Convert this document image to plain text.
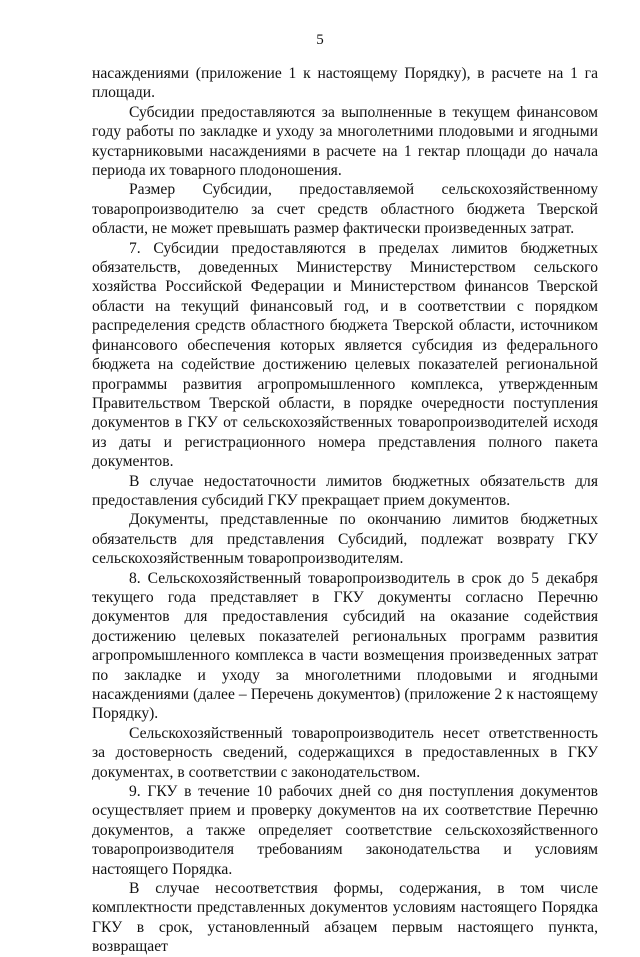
5

насаждениями (приложение 1 к настоящему Порядку), в расчете на 1 га площади.

Субсидии предоставляются за выполненные в текущем финансовом году работы по закладке и уходу за многолетними плодовыми и ягодными кустарниковыми насаждениями в расчете на 1 гектар площади до начала периода их товарного плодоношения.

Размер Субсидии, предоставляемой сельскохозяйственному товаропроизводителю за счет средств областного бюджета Тверской области, не может превышать размер фактически произведенных затрат.

7. Субсидии предоставляются в пределах лимитов бюджетных обязательств, доведенных Министерству Министерством сельского хозяйства Российской Федерации и Министерством финансов Тверской области на текущий финансовый год, и в соответствии с порядком распределения средств областного бюджета Тверской области, источником финансового обеспечения которых является субсидия из федерального бюджета на содействие достижению целевых показателей региональной программы развития агропромышленного комплекса, утвержденным Правительством Тверской области, в порядке очередности поступления документов в ГКУ от сельскохозяйственных товаропроизводителей исходя из даты и регистрационного номера представления полного пакета документов.

В случае недостаточности лимитов бюджетных обязательств для предоставления субсидий ГКУ прекращает прием документов.

Документы, представленные по окончанию лимитов бюджетных обязательств для представления Субсидий, подлежат возврату ГКУ сельскохозяйственным товаропроизводителям.

8. Сельскохозяйственный товаропроизводитель в срок до 5 декабря текущего года представляет в ГКУ документы согласно Перечню документов для предоставления субсидий на оказание содействия достижению целевых показателей региональных программ развития агропромышленного комплекса в части возмещения произведенных затрат по закладке и уходу за многолетними плодовыми и ягодными насаждениями (далее – Перечень документов) (приложение 2 к настоящему Порядку).

Сельскохозяйственный товаропроизводитель несет ответственность за достоверность сведений, содержащихся в предоставленных в ГКУ документах, в соответствии с законодательством.

9. ГКУ в течение 10 рабочих дней со дня поступления документов осуществляет прием и проверку документов на их соответствие Перечню документов, а также определяет соответствие сельскохозяйственного товаропроизводителя требованиям законодательства и условиям настоящего Порядка.

В случае несоответствия формы, содержания, в том числе комплектности представленных документов условиям настоящего Порядка ГКУ в срок, установленный абзацем первым настоящего пункта, возвращает
